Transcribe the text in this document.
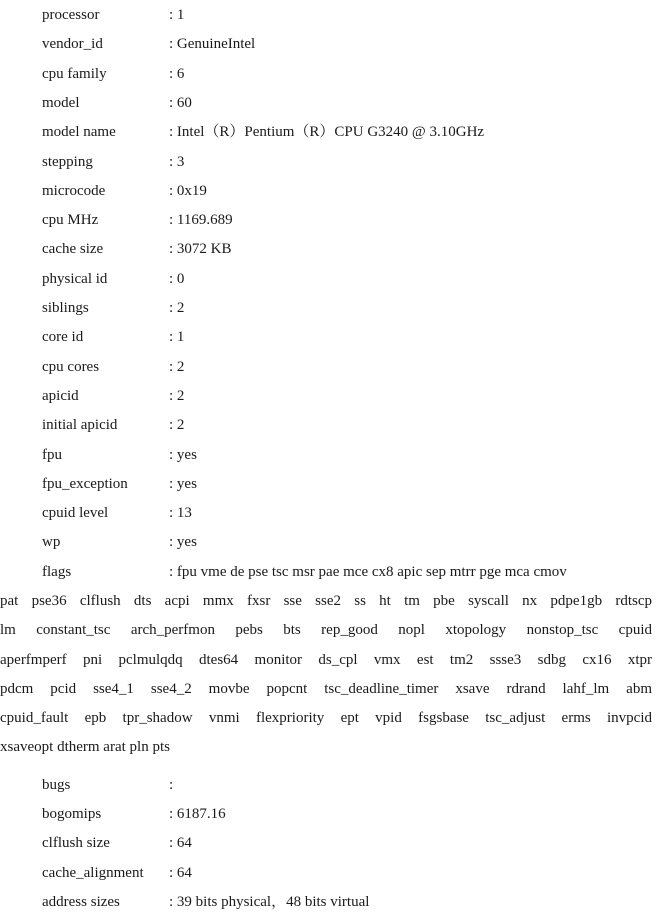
processor	: 1
vendor_id	: GenuineIntel
cpu family	: 6
model	: 60
model name	: Intel（R）Pentium（R）CPU G3240 @ 3.10GHz
stepping	: 3
microcode	: 0x19
cpu MHz	: 1169.689
cache size	: 3072 KB
physical id	: 0
siblings	: 2
core id	: 1
cpu cores	: 2
apicid	: 2
initial apicid	: 2
fpu	: yes
fpu_exception	: yes
cpuid level	: 13
wp	: yes
flags	: fpu vme de pse tsc msr pae mce cx8 apic sep mtrr pge mca cmov
pat pse36 clflush dts acpi mmx fxsr sse sse2 ss ht tm pbe syscall nx pdpe1gb rdtscp
lm constant_tsc arch_perfmon pebs bts rep_good nopl xtopology nonstop_tsc cpuid
aperfmperf pni pclmulqdq dtes64 monitor ds_cpl vmx est tm2 ssse3 sdbg cx16 xtpr
pdcm pcid sse4_1 sse4_2 movbe popcnt tsc_deadline_timer xsave rdrand lahf_lm abm
cpuid_fault epb tpr_shadow vnmi flexpriority ept vpid fsgsbase tsc_adjust erms invpcid
xsaveopt dtherm arat pln pts
bugs	:
bogomips	: 6187.16
clflush size	: 64
cache_alignment : 64
address sizes	: 39 bits physical，48 bits virtual
